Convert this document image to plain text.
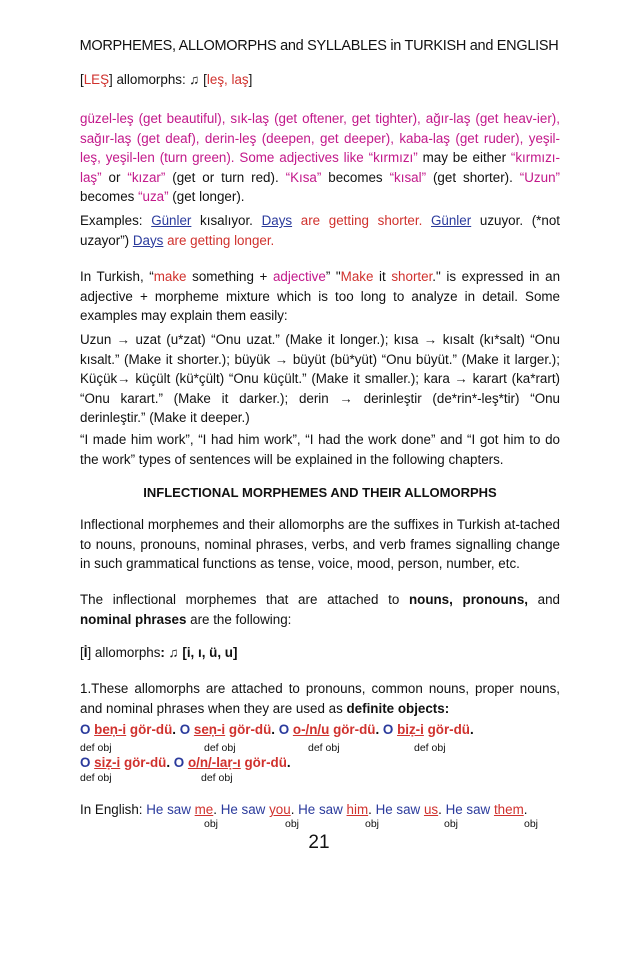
MORPHEMES, ALLOMORPHS and SYLLABLES in TURKISH and ENGLISH
[LEŞ] allomorphs: ♫ [leş, laş]
güzel-leş (get beautiful), sık-laş (get oftener, get tighter), ağır-laş (get heav-ier), sağır-laş (get deaf), derin-leş (deepen, get deeper), kaba-laş (get ruder), yeşil-leş, yeşil-len (turn green). Some adjectives like “kırmızı” may be either “kırmızı-laş” or “kızar” (get or turn red). “Kısa” becomes “kısal” (get shorter). “Uzun” becomes “uza” (get longer).
Examples: Günler kısalıyor. Days are getting shorter. Günler uzuyor. (*not uzayor”) Days are getting longer.
In Turkish, “make something + adjective” "Make it shorter." is expressed in an adjective + morpheme mixture which is too long to analyze in detail. Some examples may explain them easily:
Uzun → uzat (u*zat) “Onu uzat.” (Make it longer.); kısa → kısalt (kı*salt) “Onu kısalt.” (Make it shorter.); büyük → büyüt (bü*yüt) “Onu büyüt.” (Make it larger.); Küçük→ küçült (kü*çült) “Onu küçült.” (Make it smaller.); kara → karart (ka*rart) “Onu karart.” (Make it darker.); derin → derinleştir (de*rin*-leş*tir) “Onu derinleştir.” (Make it deeper.)
“I made him work”, “I had him work”, “I had the work done” and “I got him to do the work” types of sentences will be explained in the following chapters.
INFLECTIONAL MORPHEMES AND THEIR ALLOMORPHS
Inflectional morphemes and their allomorphs are the suffixes in Turkish at-tached to nouns, pronouns, nominal phrases, verbs, and verb frames signalling change in such grammatical functions as tense, voice, mood, person, number, etc.
The inflectional morphemes that are attached to nouns, pronouns, and nominal phrases are the following:
[İ] allomorphs: ♫ [i, ı, ü, u]
1.These allomorphs are attached to pronouns, common nouns, proper nouns, and nominal phrases when they are used as definite objects:
O beṇ-i gör-dü. O seṇ-i gör-dü. O o-/n/u gör-dü. O biẓ-i gör-dü.
def obj	def obj	def obj	def obj
O siẓ-i gör-dü. O o/n/-laṛ-ı gör-dü.
def obj	def obj
In English: He saw me. He saw you. He saw him. He saw us. He saw them.
obj	obj	obj	obj	obj
21
